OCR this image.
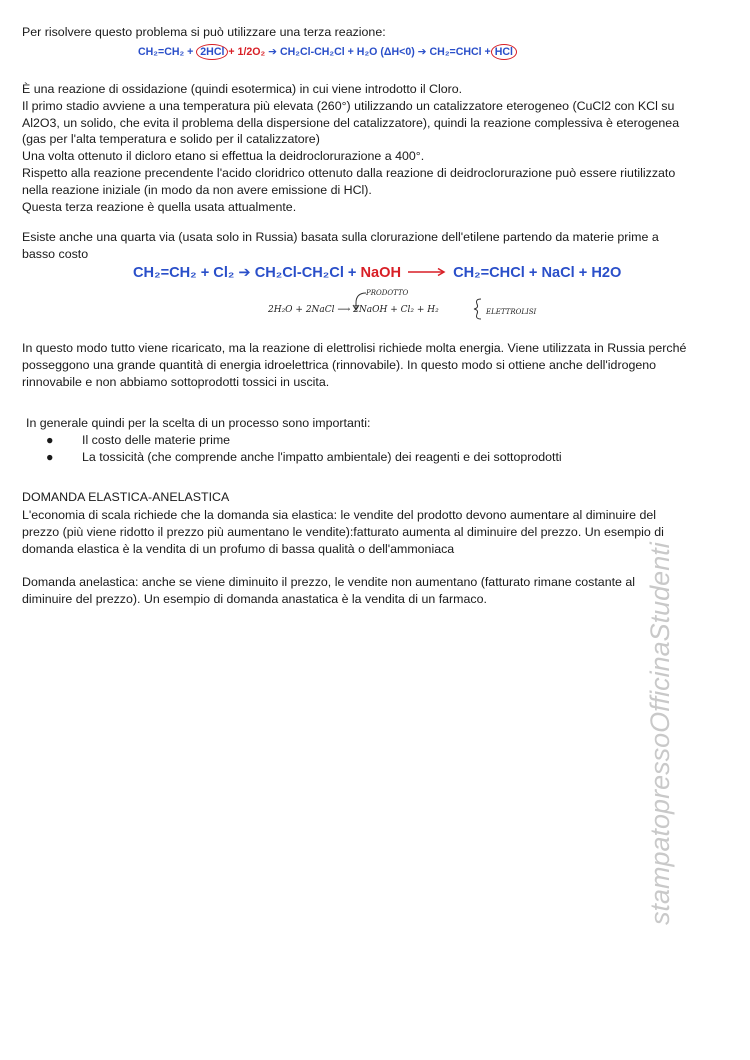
Per risolvere questo problema si può utilizzare una terza reazione:

CH₂=CH₂ + 2HCl + 1/2O₂ ➔ CH₂Cl-CH₂Cl + H₂O (ΔH<0) ➔ CH₂=CHCl + HCl
È una reazione di ossidazione (quindi esotermica) in cui viene introdotto il Cloro.
Il primo stadio avviene a una temperatura più elevata (260°) utilizzando un catalizzatore eterogeneo (CuCl2 con KCl su
Al2O3, un solido, che evita il problema della dispersione del catalizzatore), quindi la reazione complessiva è eterogenea
(gas per l'alta temperatura e solido per il catalizzatore)
Una volta ottenuto il dicloro etano si effettua la deidroclorurazione a 400°.
Rispetto alla reazione precendente l'acido cloridrico ottenuto dalla reazione di deidroclorurazione può essere riutilizzato
nella reazione iniziale (in modo da non avere emissione di HCl).
Questa terza reazione è quella usata attualmente.
Esiste anche una quarta via (usata solo in Russia) basata sulla clorurazione dell'etilene partendo da materie prime a
basso costo
CH₂=CH₂ + Cl₂ ➔ CH₂Cl-CH₂Cl + NaOH	CH₂=CHCl + NaCl + H2O
PRODOTTO
2H₂O + 2NaCl ⟶ 2NaOH + Cl₂ + H₂	ELETTROLISI
In questo modo tutto viene ricaricato, ma la reazione di elettrolisi richiede molta energia. Viene utilizzata in Russia perché
posseggono una grande quantità di energia idroelettrica (rinnovabile). In questo modo si ottiene anche dell'idrogeno
rinnovabile e non abbiamo sottoprodotti tossici in uscita.
In generale quindi per la scelta di un processo sono importanti:
● Il costo delle materie prime
● La tossicità (che comprende anche l'impatto ambientale) dei reagenti e dei sottoprodotti
DOMANDA ELASTICA-ANELASTICA
L'economia di scala richiede che la domanda sia elastica: le vendite del prodotto devono aumentare al diminuire del
prezzo (più viene ridotto il prezzo più aumentano le vendite):fatturato aumenta al diminuire del prezzo. Un esempio di
domanda elastica è la vendita di un profumo di bassa qualità o dell'ammoniaca
Domanda anelastica: anche se viene diminuito il prezzo, le vendite non aumentano (fatturato rimane costante al
diminuire del prezzo). Un esempio di domanda anastatica è la vendita di un farmaco.	stampatopressoOfficinaStudenti
